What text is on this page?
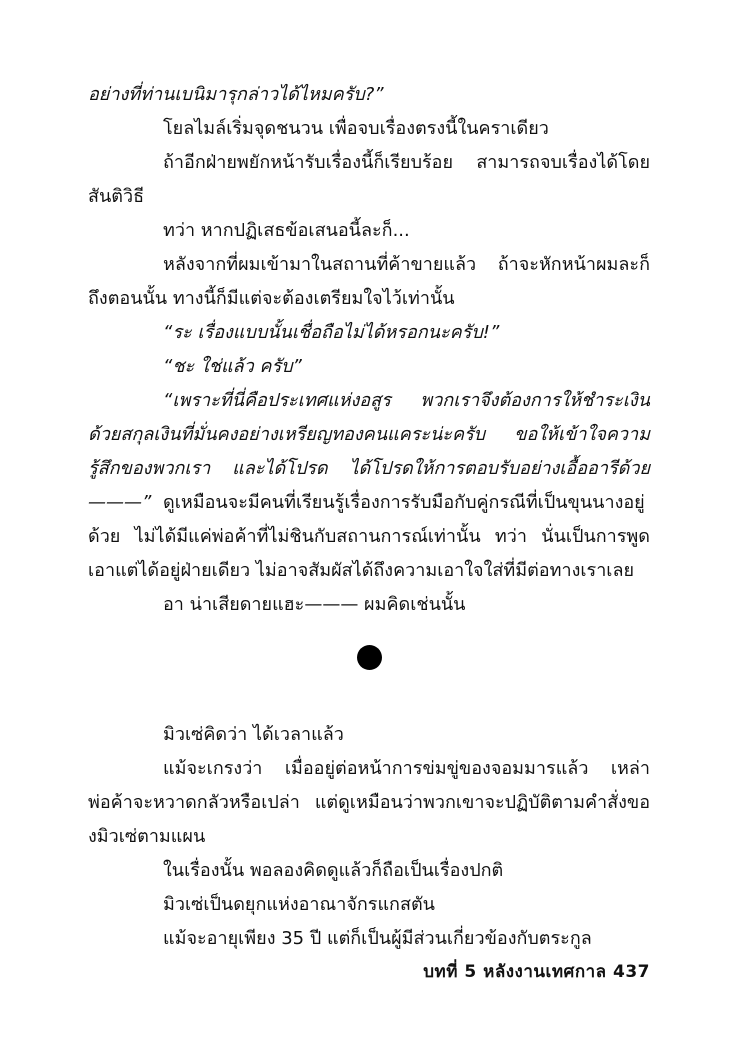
อย่างที่ท่านเบนิมารุกล่าวได้ไหมครับ?”

โยลไมล์เริ่มจุดชนวน เพื่อจบเรื่องตรงนี้ในคราเดียว

ถ้าอีกฝ่ายพยักหน้ารับเรื่องนี้ก็เรียบร้อย สามารถจบเรื่องได้โดยสันติวิธี

ทว่า หากปฏิเสธข้อเสนอนี้ละก็...

หลังจากที่ผมเข้ามาในสถานที่ค้าขายแล้ว ถ้าจะหักหน้าผมละก็ถึงตอนนั้น ทางนี้ก็มีแต่จะต้องเตรียมใจไว้เท่านั้น

“ระ เรื่องแบบนั้นเชื่อถือไม่ได้หรอกนะครับ!”

“ชะ ใช่แล้ว ครับ”

“เพราะที่นี่คือประเทศแห่งอสูร พวกเราจึงต้องการให้ชำระเงินด้วยสกุลเงินที่มั่นคงอย่างเหรียญทองคนแคระน่ะครับ ขอให้เข้าใจความรู้สึกของพวกเรา และได้โปรด ได้โปรดให้การตอบรับอย่างเอื้ออารีด้วย———” ดูเหมือนจะมีคนที่เรียนรู้เรื่องการรับมือกับคู่กรณีที่เป็นขุนนางอยู่ด้วย ไม่ได้มีแค่พ่อค้าที่ไม่ชินกับสถานการณ์เท่านั้น ทว่า นั่นเป็นการพูดเอาแต่ได้อยู่ฝ่ายเดียว ไม่อาจสัมผัสได้ถึงความเอาใจใส่ที่มีต่อทางเราเลย

อา น่าเสียดายแฮะ——— ผมคิดเช่นนั้น

มิวเซ่คิดว่า ได้เวลาแล้ว

แม้จะเกรงว่า เมื่ออยู่ต่อหน้าการข่มขู่ของจอมมารแล้ว เหล่าพ่อค้าจะหวาดกลัวหรือเปล่า แต่ดูเหมือนว่าพวกเขาจะปฏิบัติตามคำสั่งของมิวเซ่ตามแผน

ในเรื่องนั้น พอลองคิดดูแล้วก็ถือเป็นเรื่องปกติ

มิวเซ่เป็นดยุกแห่งอาณาจักรแกสตัน

แม้จะอายุเพียง 35 ปี แต่ก็เป็นผู้มีส่วนเกี่ยวข้องกับตระกูล

บทที่ 5 หลังงานเทศกาล 437
